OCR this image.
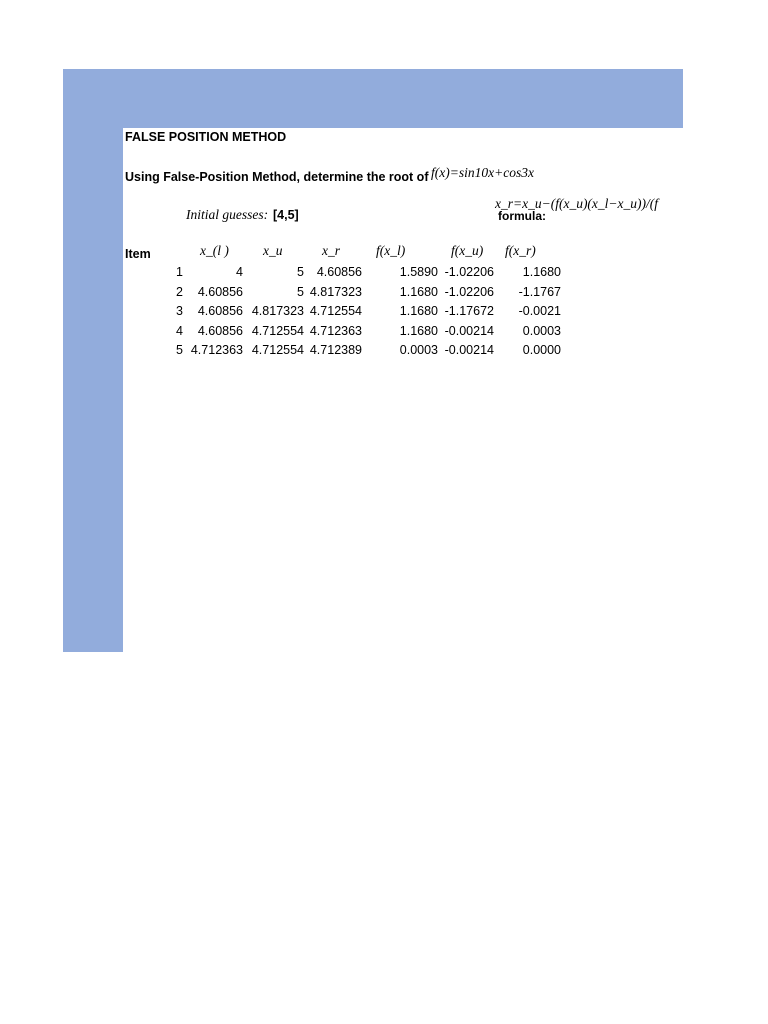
FALSE POSITION METHOD
Using False-Position Method, determine the root of f(x)=sin10x+cos3x
x_r=x_u−(f(x_u)(x_l−x_u))/(f
formula:
Initial guesses: [4,5]
Item	x_(l )	x_u	x_r	f(x_l)	f(x_u) f(x_r)
1	4	5 4.60856	1.5890 -1.02206 1.1680
2 4.60856	5 4.817323	1.1680 -1.02206 -1.1767
3 4.60856 4.817323 4.712554	1.1680 -1.17672 -0.0021
4 4.60856 4.712554 4.712363	1.1680 -0.00214 0.0003
5 4.712363 4.712554 4.712389	0.0003 -0.00214 0.0000
